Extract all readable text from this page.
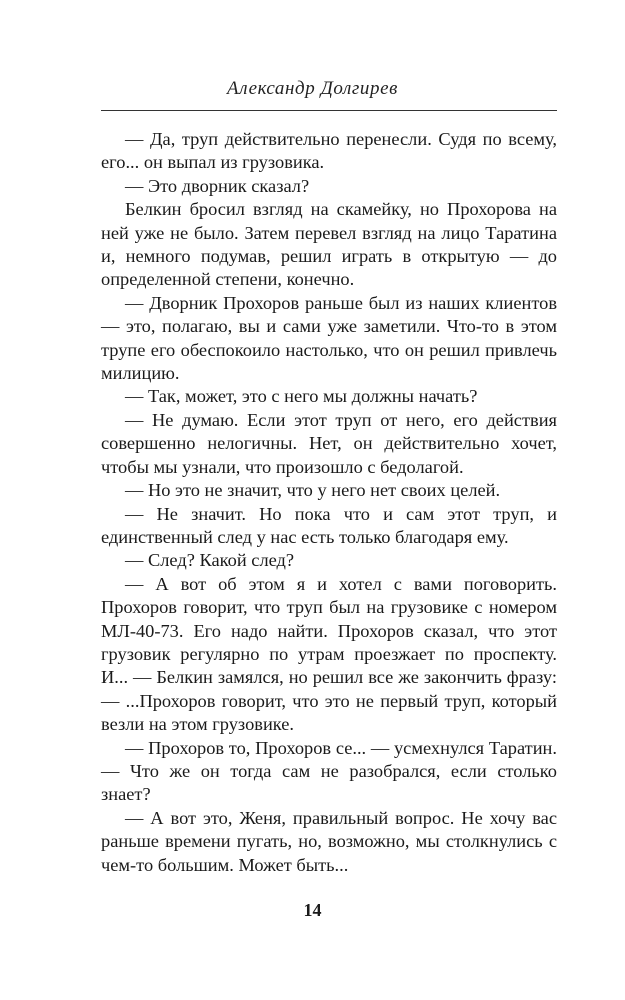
Александр Долгирев

— Да, труп действительно перенесли. Судя по всему, его... он выпал из грузовика.

— Это дворник сказал?

Белкин бросил взгляд на скамейку, но Прохорова на ней уже не было. Затем перевел взгляд на лицо Таратина и, немного подумав, решил играть в открытую — до определенной степени, конечно.

— Дворник Прохоров раньше был из наших клиентов — это, полагаю, вы и сами уже заметили. Что-то в этом трупе его обеспокоило настолько, что он решил привлечь милицию.

— Так, может, это с него мы должны начать?

— Не думаю. Если этот труп от него, его действия совершенно нелогичны. Нет, он действительно хочет, чтобы мы узнали, что произошло с бедолагой.

— Но это не значит, что у него нет своих целей.

— Не значит. Но пока что и сам этот труп, и единственный след у нас есть только благодаря ему.

— След? Какой след?

— А вот об этом я и хотел с вами поговорить. Прохоров говорит, что труп был на грузовике с номером МЛ-40-73. Его надо найти. Прохоров сказал, что этот грузовик регулярно по утрам проезжает по проспекту. И... — Белкин замялся, но решил все же закончить фразу: — ...Прохоров говорит, что это не первый труп, который везли на этом грузовике.

— Прохоров то, Прохоров се... — усмехнулся Таратин. — Что же он тогда сам не разобрался, если столько знает?

— А вот это, Женя, правильный вопрос. Не хочу вас раньше времени пугать, но, возможно, мы столкнулись с чем-то большим. Может быть...

14
